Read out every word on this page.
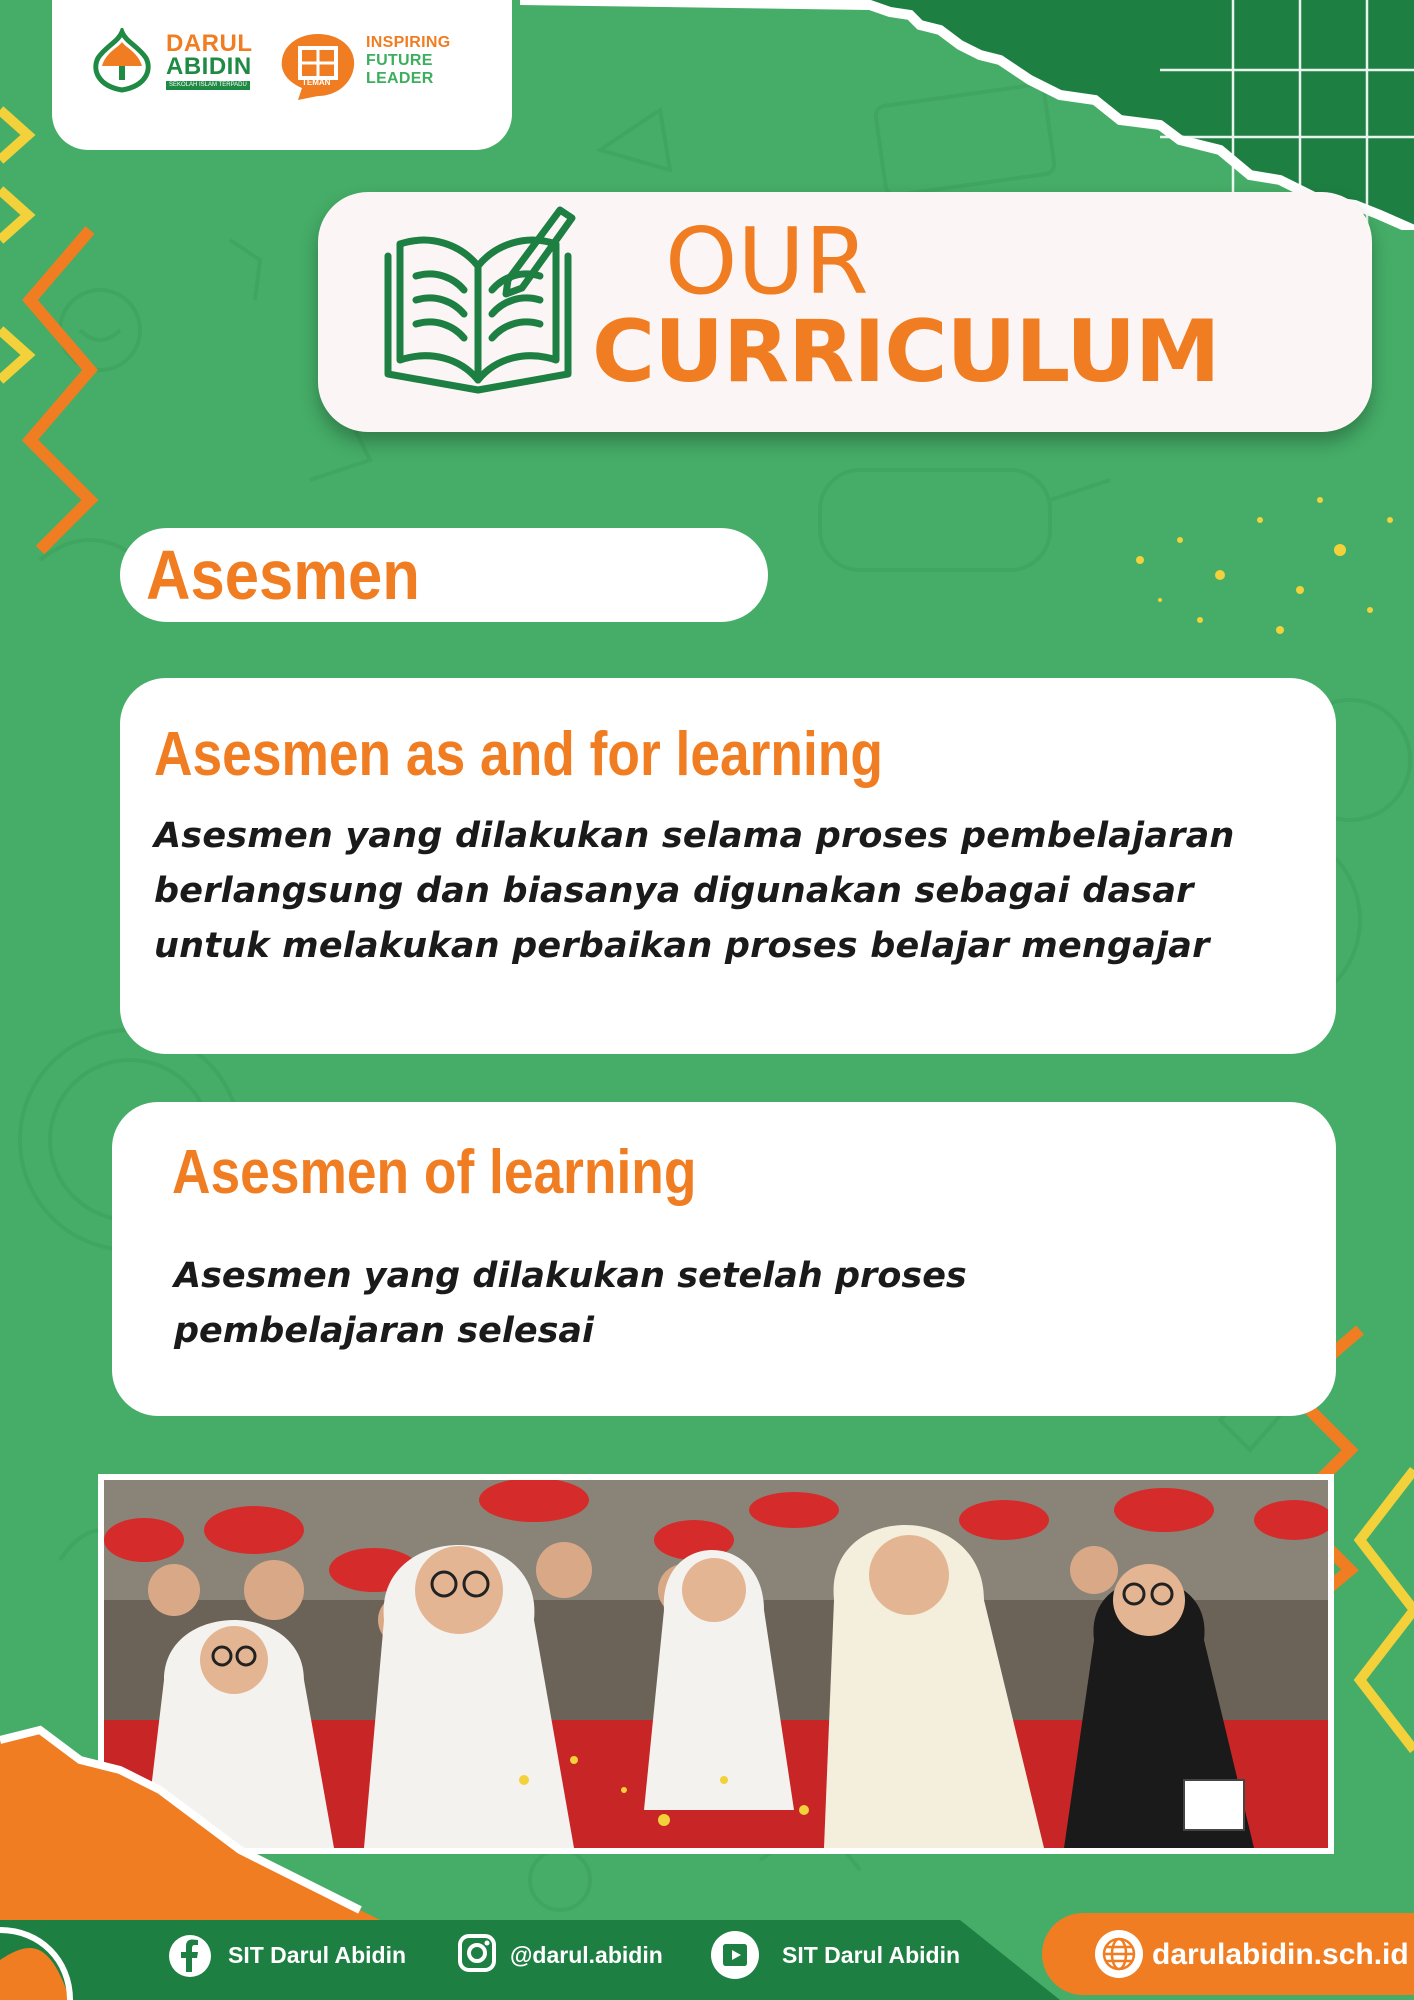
DARUL
ABIDIN
SEKOLAH ISLAM TERPADU	TEMAN
INSPIRING
FUTURE
LEADER
OUR
CURRICULUM
Asesmen
Asesmen as and for learning
Asesmen yang dilakukan selama proses pembelajaran
berlangsung dan biasanya digunakan sebagai dasar
untuk melakukan perbaikan proses belajar mengajar
Asesmen of learning
Asesmen yang dilakukan setelah proses
pembelajaran selesai
SIT Darul Abidin	@darul.abidin	SIT Darul Abidin	darulabidin.sch.id
